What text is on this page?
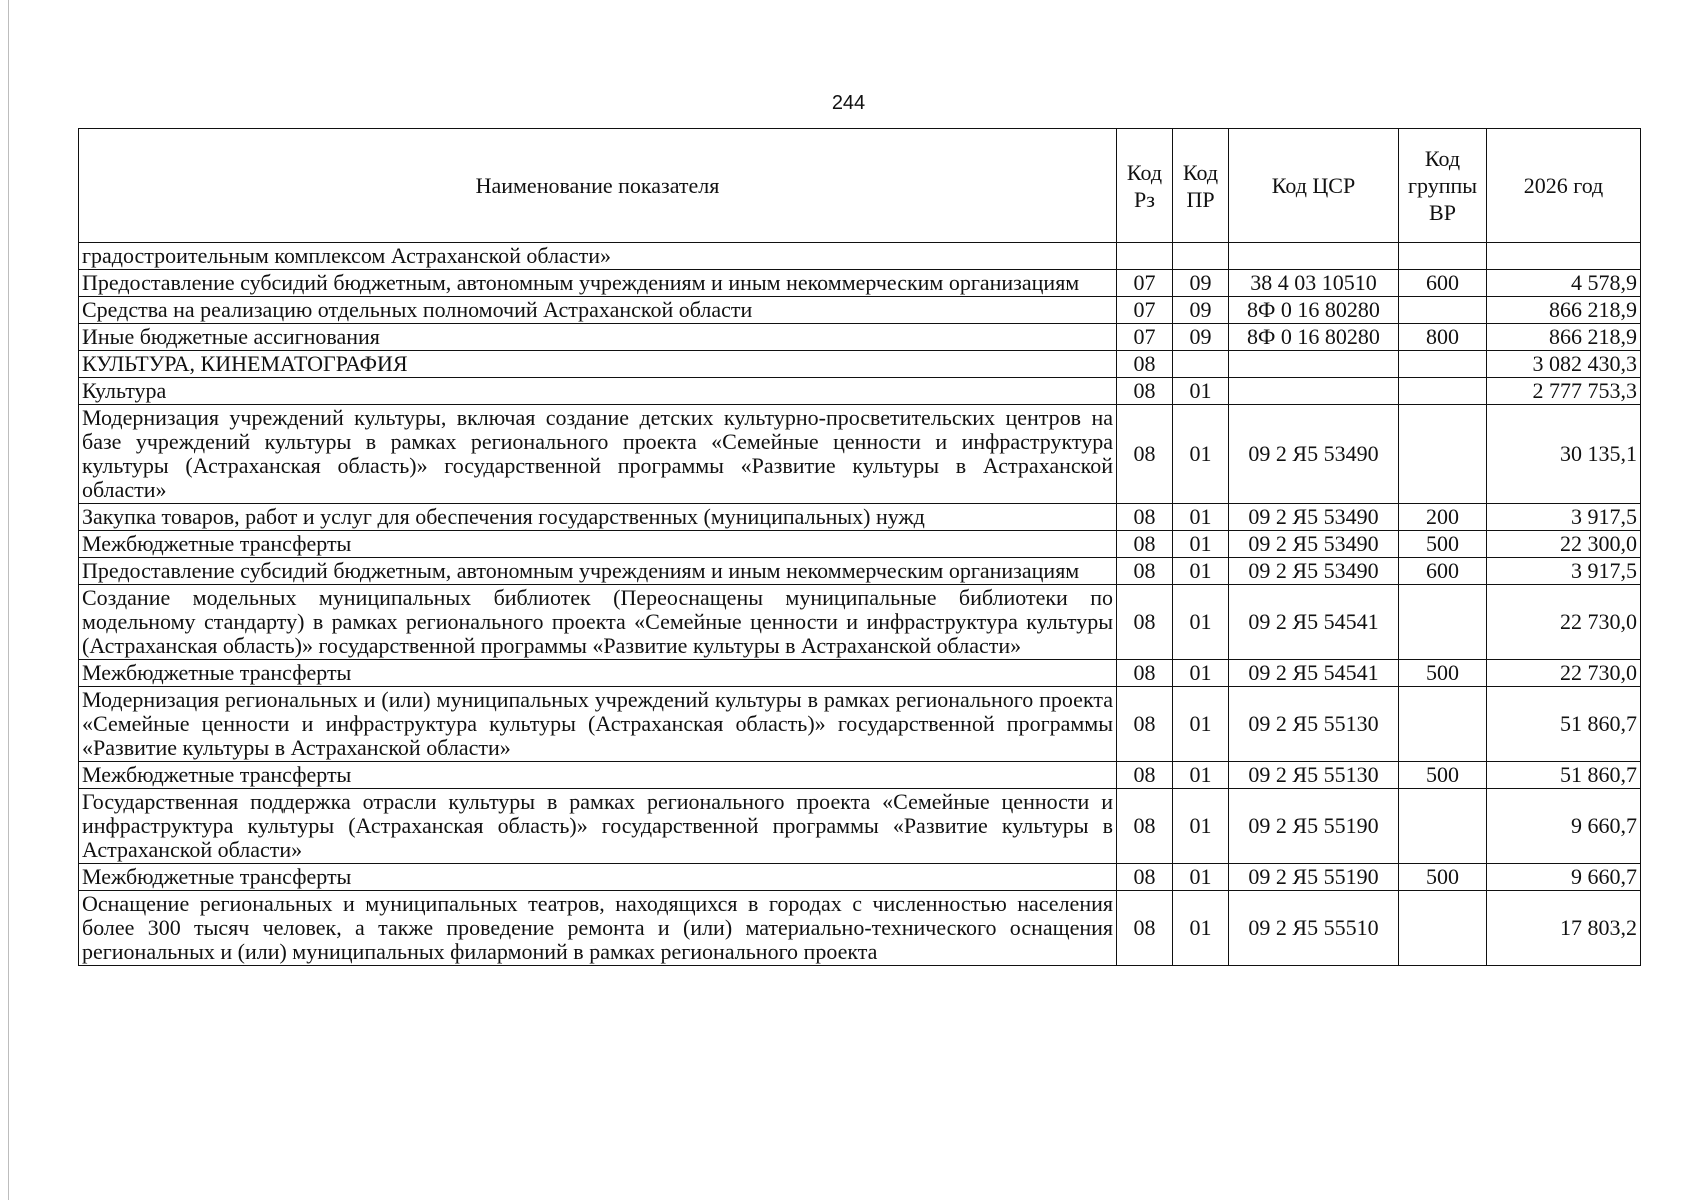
244
Наименование показателя	Код Рз	Код ПР	Код ЦСР	Код группы ВР	2026 год
градостроительным комплексом Астраханской области»					
Предоставление субсидий бюджетным, автономным учреждениям и иным некоммерческим организациям	07	09	38 4 03 10510	600	4 578,9
Средства на реализацию отдельных полномочий Астраханской области	07	09	8Ф 0 16 80280		866 218,9
Иные бюджетные ассигнования	07	09	8Ф 0 16 80280	800	866 218,9
КУЛЬТУРА, КИНЕМАТОГРАФИЯ	08				3 082 430,3
Культура	08	01			2 777 753,3
Модернизация учреждений культуры, включая создание детских культурно-просветительских центров на базе учреждений культуры в рамках регионального проекта «Семейные ценности и инфраструктура культуры (Астраханская область)» государственной программы «Развитие культуры в Астраханской области»	08	01	09 2 Я5 53490		30 135,1
Закупка товаров, работ и услуг для обеспечения государственных (муниципальных) нужд	08	01	09 2 Я5 53490	200	3 917,5
Межбюджетные трансферты	08	01	09 2 Я5 53490	500	22 300,0
Предоставление субсидий бюджетным, автономным учреждениям и иным некоммерческим организациям	08	01	09 2 Я5 53490	600	3 917,5
Создание модельных муниципальных библиотек (Переоснащены муниципальные библиотеки по модельному стандарту) в рамках регионального проекта «Семейные ценности и инфраструктура культуры (Астраханская область)» государственной программы «Развитие культуры в Астраханской области»	08	01	09 2 Я5 54541		22 730,0
Межбюджетные трансферты	08	01	09 2 Я5 54541	500	22 730,0
Модернизация региональных и (или) муниципальных учреждений культуры в рамках регионального проекта «Семейные ценности и инфраструктура культуры (Астраханская область)» государственной программы «Развитие культуры в Астраханской области»	08	01	09 2 Я5 55130		51 860,7
Межбюджетные трансферты	08	01	09 2 Я5 55130	500	51 860,7
Государственная поддержка отрасли культуры в рамках регионального проекта «Семейные ценности и инфраструктура культуры (Астраханская область)» государственной программы «Развитие культуры в Астраханской области»	08	01	09 2 Я5 55190		9 660,7
Межбюджетные трансферты	08	01	09 2 Я5 55190	500	9 660,7
Оснащение региональных и муниципальных театров, находящихся в городах с численностью населения более 300 тысяч человек, а также проведение ремонта и (или) материально-технического оснащения региональных и (или) муниципальных филармоний в рамках регионального проекта	08	01	09 2 Я5 55510		17 803,2
